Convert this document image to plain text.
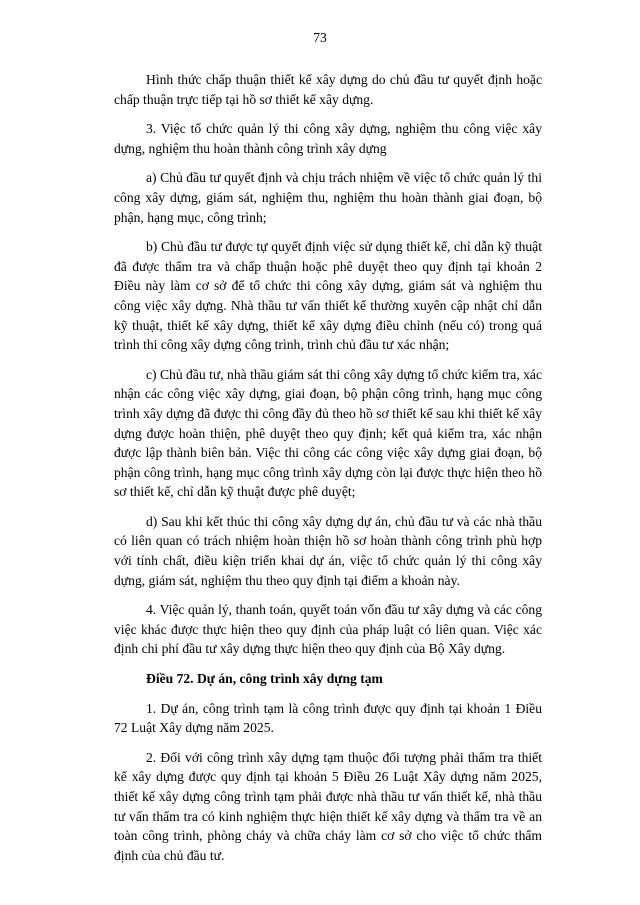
73

Hình thức chấp thuận thiết kế xây dựng do chủ đầu tư quyết định hoặc chấp thuận trực tiếp tại hồ sơ thiết kế xây dựng.

3. Việc tổ chức quản lý thi công xây dựng, nghiệm thu công việc xây dựng, nghiệm thu hoàn thành công trình xây dựng

a) Chủ đầu tư quyết định và chịu trách nhiệm về việc tổ chức quản lý thi công xây dựng, giám sát, nghiệm thu, nghiệm thu hoàn thành giai đoạn, bộ phận, hạng mục, công trình;

b) Chủ đầu tư được tự quyết định việc sử dụng thiết kế, chỉ dẫn kỹ thuật đã được thẩm tra và chấp thuận hoặc phê duyệt theo quy định tại khoản 2 Điều này làm cơ sở để tổ chức thi công xây dựng, giám sát và nghiệm thu công việc xây dựng. Nhà thầu tư vấn thiết kế thường xuyên cập nhật chỉ dẫn kỹ thuật, thiết kế xây dựng, thiết kế xây dựng điều chỉnh (nếu có) trong quá trình thi công xây dựng công trình, trình chủ đầu tư xác nhận;

c) Chủ đầu tư, nhà thầu giám sát thi công xây dựng tổ chức kiểm tra, xác nhận các công việc xây dựng, giai đoạn, bộ phận công trình, hạng mục công trình xây dựng đã được thi công đầy đủ theo hồ sơ thiết kế sau khi thiết kế xây dựng được hoàn thiện, phê duyệt theo quy định; kết quả kiểm tra, xác nhận được lập thành biên bản. Việc thi công các công việc xây dựng giai đoạn, bộ phận công trình, hạng mục công trình xây dựng còn lại được thực hiện theo hồ sơ thiết kế, chỉ dẫn kỹ thuật được phê duyệt;

d) Sau khi kết thúc thi công xây dựng dự án, chủ đầu tư và các nhà thầu có liên quan có trách nhiệm hoàn thiện hồ sơ hoàn thành công trình phù hợp với tính chất, điều kiện triển khai dự án, việc tổ chức quản lý thi công xây dựng, giám sát, nghiệm thu theo quy định tại điểm a khoản này.

4. Việc quản lý, thanh toán, quyết toán vốn đầu tư xây dựng và các công việc khác được thực hiện theo quy định của pháp luật có liên quan. Việc xác định chi phí đầu tư xây dựng thực hiện theo quy định của Bộ Xây dựng.

Điều 72. Dự án, công trình xây dựng tạm

1. Dự án, công trình tạm là công trình được quy định tại khoản 1 Điều 72 Luật Xây dựng năm 2025.

2. Đối với công trình xây dựng tạm thuộc đối tượng phải thẩm tra thiết kế xây dựng được quy định tại khoản 5 Điều 26 Luật Xây dựng năm 2025, thiết kế xây dựng công trình tạm phải được nhà thầu tư vấn thiết kế, nhà thầu tư vấn thẩm tra có kinh nghiệm thực hiện thiết kế xây dựng và thẩm tra về an toàn công trình, phòng cháy và chữa cháy làm cơ sở cho việc tổ chức thẩm định của chủ đầu tư.
